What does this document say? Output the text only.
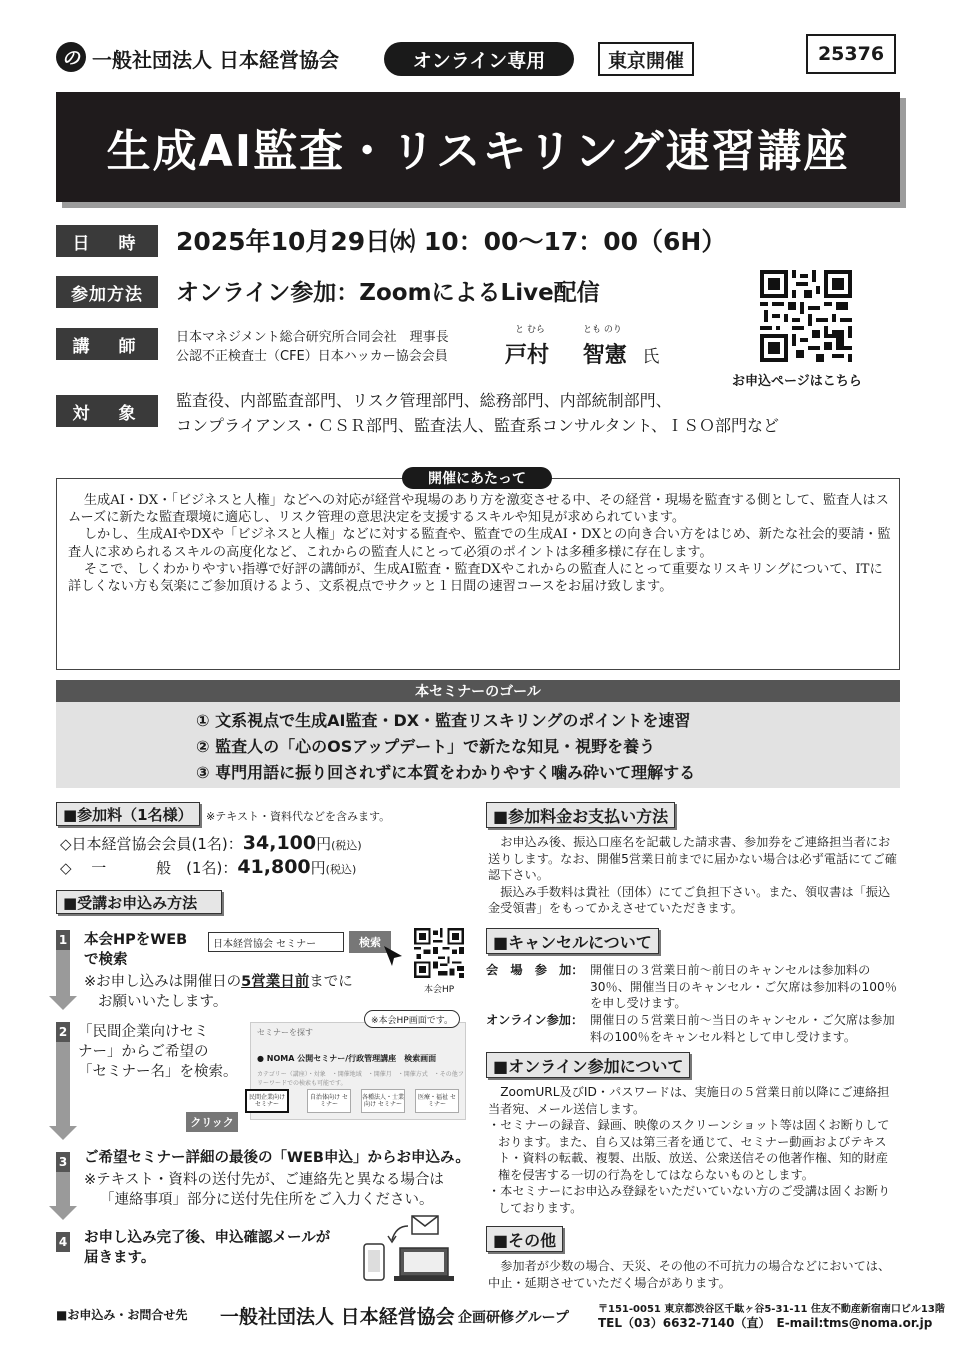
の 一般社団法人 日本経営協会	オンライン専用	東京開催	25376
生成AI監査・リスキリング速習講座
日　時	2025年10月29日㈬ 10：00～17：00（6H）
参加方法	オンライン参加：ZoomによるLive配信
講　師	日本マネジメント総合研究所合同会社　理事長
公認不正検査士（CFE）日本ハッカー協会会員
と むら	とも のり
戸村 智憲 氏
対　象
監査役、内部監査部門、リスク管理部門、総務部門、内部統制部門、
コンプライアンス・ＣＳＲ部門、監査法人、監査系コンサルタント、ＩＳＯ部門など
お申込ページはこちら
開催にあたって

生成AI・DX・「ビジネスと人権」などへの対応が経営や現場のあり方を激変させる中、その経営・現場を監査する側として、監査人はスムーズに新たな監査環境に適応し、リスク管理の意思決定を支援するスキルや知見が求められています。

しかし、生成AIやDXや「ビジネスと人権」などに対する監査や、監査での生成AI・DXとの向き合い方をはじめ、新たな社会的要請・監査人に求められるスキルの高度化など、これからの監査人にとって必須のポイントは多種多様に存在します。

そこで、しくわかりやすい指導で好評の講師が、生成AI監査・監査DXやこれからの監査人にとって重要なリスキリングについて、ITに詳しくない方も気楽にご参加頂けるよう、文系視点でサクッと１日間の速習コースをお届け致します。

本セミナーのゴール
① 文系視点で生成AI監査・DX・監査リスキリングのポイントを速習
② 監査人の「心のOSアップデート」で新たな知見・視野を養う
③ 専門用語に振り回されずに本質をわかりやすく噛み砕いて理解する
■参加料（1名様）	※テキスト・資料代などを含みます。
◇日本経営協会会員(1名)：34,100円(税込)
◇　 一　　　 般　(1名)：41,800円(税込)
■受講お申込み方法
1 本会HPをWEB
で検索
※お申し込みは開催日の5営業日前までに
お願いいたします。
日本経営協会 セミナー	検索
本会HP
2 「民間企業向けセミ
ナー」からご希望の
「セミナー名」を検索。
セミナーを探す
● NOMA 公開セミナー/行政管理講座　検索画面
カテゴリー（講座）・対象　・開催地域　・開催月　・開催方式　・その他フリーワードでの検索も可能です。
民間企業向け セミナー
自治体向け セミナー
各種法人・士業向け セミナー
医療・福祉 セミナー
※本会HP画面です。
クリック
3 ご希望セミナー詳細の最後の「WEB申込」からお申込み。
※テキスト・資料の送付先が、ご連絡先と異なる場合は
「連絡事項」部分に送付先住所をご入力ください。
4 お申し込み完了後、申込確認メールが
届きます。
■参加料金お支払い方法
お申込み後、振込口座名を記載した請求書、参加券をご連絡担当者にお送りします。なお、開催5営業日前までに届かない場合は必ず電話にてご確認下さい。
振込み手数料は貴社（団体）にてご負担下さい。また、領収書は「振込金受領書」をもってかえさせていただきます。
■キャンセルについて
会　場　参　加： 開催日の３営業日前～前日のキャンセルは参加料の30％、開催当日のキャンセル・ご欠席は参加料の100％を申し受けます。
オンライン参加： 開催日の５営業日前～当日のキャンセル・ご欠席は参加料の100％をキャンセル料として申し受けます。
■オンライン参加について
ZoomURL及びID・パスワードは、実施日の５営業日前以降にご連絡担当者宛、メール送信します。
・セミナーの録音、録画、映像のスクリーンショット等は固くお断りしております。また、自ら又は第三者を通じて、セミナー動画およびテキスト・資料の転載、複製、出版、放送、公衆送信その他著作権、知的財産権を侵害する一切の行為をしてはならないものとします。
・本セミナーにお申込み登録をいただいていない方のご受講は固くお断りしております。
■その他
参加者が少数の場合、天災、その他の不可抗力の場合などにおいては、中止・延期させていただく場合があります。
■お申込み・お問合せ先 一般社団法人 日本経営協会 企画研修グループ
〒151-0051 東京都渋谷区千駄ヶ谷5-31-11 住友不動産新宿南口ビル13階
TEL（03）6632-7140（直）　E-mail:tms@noma.or.jp
